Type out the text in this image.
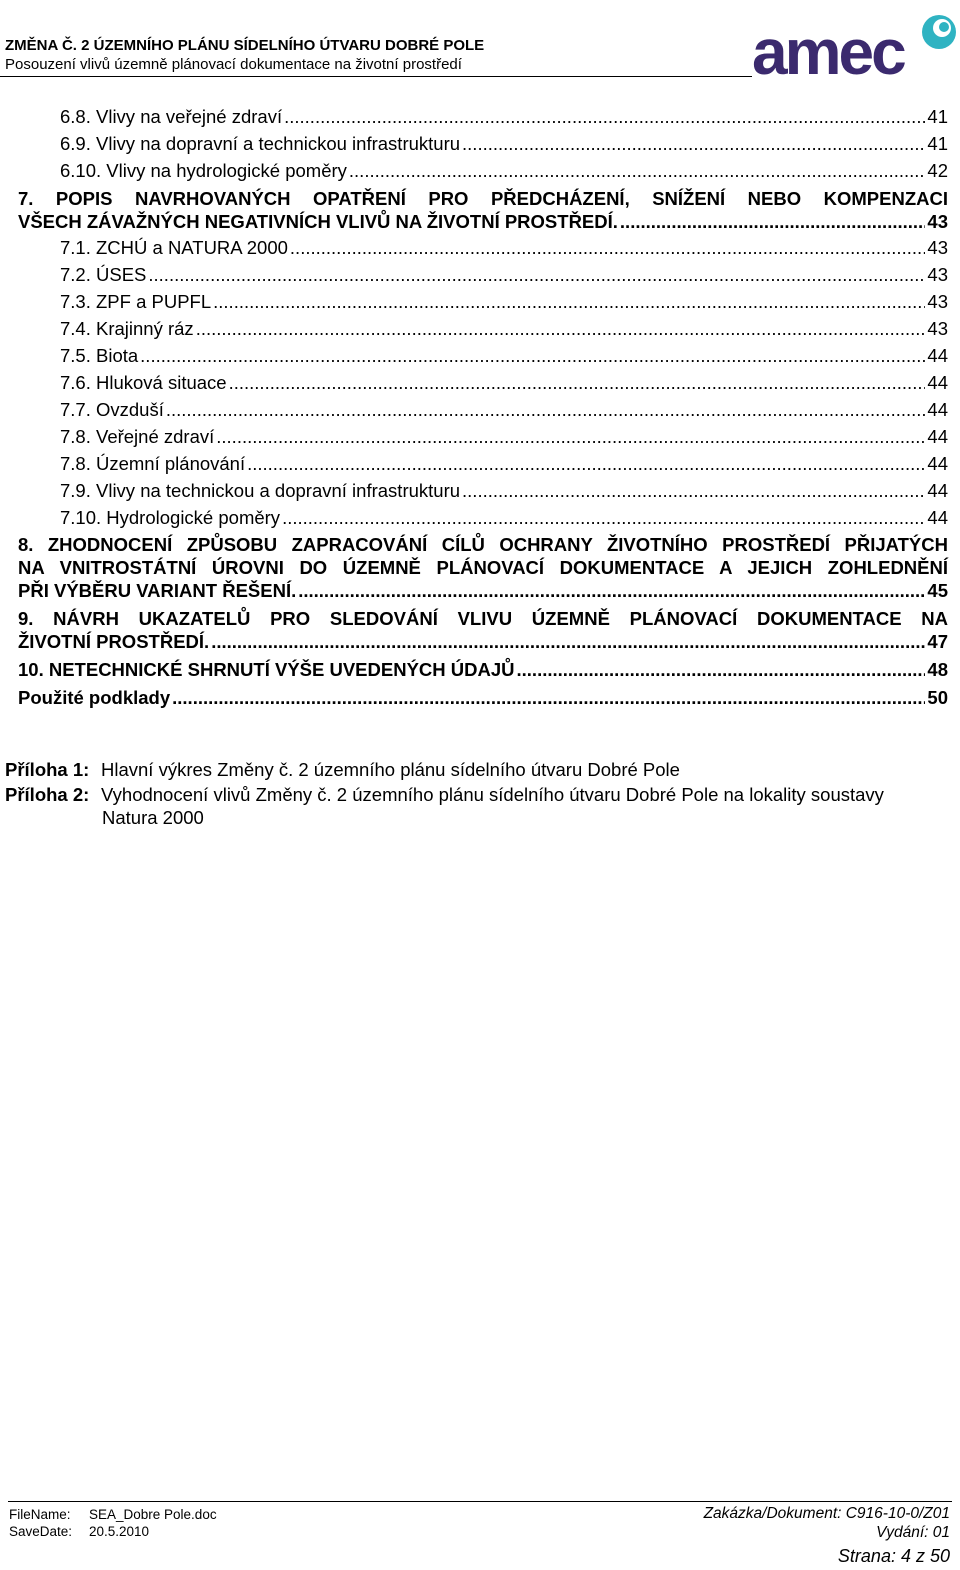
ZMĚNA Č. 2 ÚZEMNÍHO PLÁNU SÍDELNÍHO ÚTVARU DOBRÉ POLE
Posouzení vlivů územně plánovací dokumentace na životní prostředí	amec
6.8. Vlivy na veřejné zdraví .....	41
6.9. Vlivy na dopravní a technickou infrastrukturu .....	41
6.10. Vlivy na hydrologické poměry .....	42
7. POPIS NAVRHOVANÝCH OPATŘENÍ PRO PŘEDCHÁZENÍ, SNÍŽENÍ NEBO KOMPENZACI
VŠECH ZÁVAŽNÝCH NEGATIVNÍCH VLIVŮ NA ŽIVOTNÍ PROSTŘEDÍ. .....	43
7.1. ZCHÚ a NATURA 2000 .....	43
7.2. ÚSES .....	43
7.3. ZPF a PUPFL .....	43
7.4. Krajinný ráz .....	43
7.5. Biota .....	44
7.6. Hluková situace .....	44
7.7. Ovzduší .....	44
7.8. Veřejné zdraví .....	44
7.8. Územní plánování .....	44
7.9. Vlivy na technickou a dopravní infrastrukturu .....	44
7.10. Hydrologické poměry .....	44
8. ZHODNOCENÍ ZPŮSOBU ZAPRACOVÁNÍ CÍLŮ OCHRANY ŽIVOTNÍHO PROSTŘEDÍ PŘIJATÝCH
NA VNITROSTÁTNÍ ÚROVNI DO ÚZEMNĚ PLÁNOVACÍ DOKUMENTACE A JEJICH ZOHLEDNĚNÍ
PŘI VÝBĚRU VARIANT ŘEŠENÍ. .....	45
9. NÁVRH UKAZATELŮ PRO SLEDOVÁNÍ VLIVU ÚZEMNĚ PLÁNOVACÍ DOKUMENTACE NA
ŽIVOTNÍ PROSTŘEDÍ. .....	47
10. NETECHNICKÉ SHRNUTÍ VÝŠE UVEDENÝCH ÚDAJŮ .....	48
Použité podklady .....	50
Příloha 1: Hlavní výkres Změny č. 2 územního plánu sídelního útvaru Dobré Pole
Příloha 2: Vyhodnocení vlivů Změny č. 2 územního plánu sídelního útvaru Dobré Pole na lokality soustavy
Natura 2000
FileName: SEA_Dobre Pole.doc
SaveDate: 20.5.2010
Zakázka/Dokument: C916-10-0/Z01
Vydání: 01
Strana: 4 z 50
